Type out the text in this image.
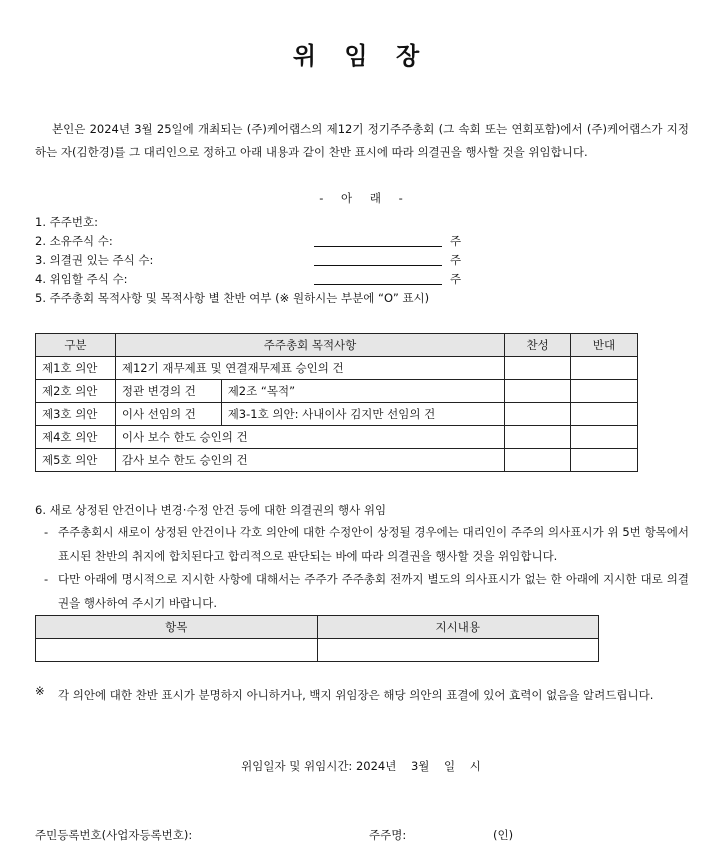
위 임 장
본인은 2024년 3월 25일에 개최되는 (주)케어랩스의 제12기 정기주주총회 (그 속회 또는 연회포함)에서 (주)케어랩스가 지정하는 자(김한경)를 그 대리인으로 정하고 아래 내용과 같이 찬반 표시에 따라 의결권을 행사할 것을 위임합니다.
- 아 래 -
1. 주주번호:
2. 소유주식 수:	주
3. 의결권 있는 주식 수:	주
4. 위임할 주식 수:	주
5. 주주총회 목적사항 및 목적사항 별 찬반 여부 (※ 원하시는 부분에 “O” 표시)
구분	주주총회 목적사항		찬성	반대
제1호 의안	제12기 재무제표 및 연결재무제표 승인의 건			
제2호 의안	정관 변경의 건	제2조 “목적”		
제3호 의안	이사 선임의 건	제3-1호 의안: 사내이사 김지만 선임의 건		
제4호 의안	이사 보수 한도 승인의 건			
제5호 의안	감사 보수 한도 승인의 건			
6. 새로 상정된 안건이나 변경·수정 안건 등에 대한 의결권의 행사 위임
- 주주총회시 새로이 상정된 안건이나 각호 의안에 대한 수정안이 상정될 경우에는 대리인이 주주의 의사표시가 위 5번 항목에서 표시된 찬반의 취지에 합치된다고 합리적으로 판단되는 바에 따라 의결권을 행사할 것을 위임합니다.
- 다만 아래에 명시적으로 지시한 사항에 대해서는 주주가 주주총회 전까지 별도의 의사표시가 없는 한 아래에 지시한 대로 의결권을 행사하여 주시기 바랍니다.
항목	지시내용

※ 각 의안에 대한 찬반 표시가 분명하지 아니하거나, 백지 위임장은 해당 의안의 표결에 있어 효력이 없음을 알려드립니다.
위임일자 및 위임시간: 2024년    3월    일    시
주민등록번호(사업자등록번호):	주주명:	(인)
